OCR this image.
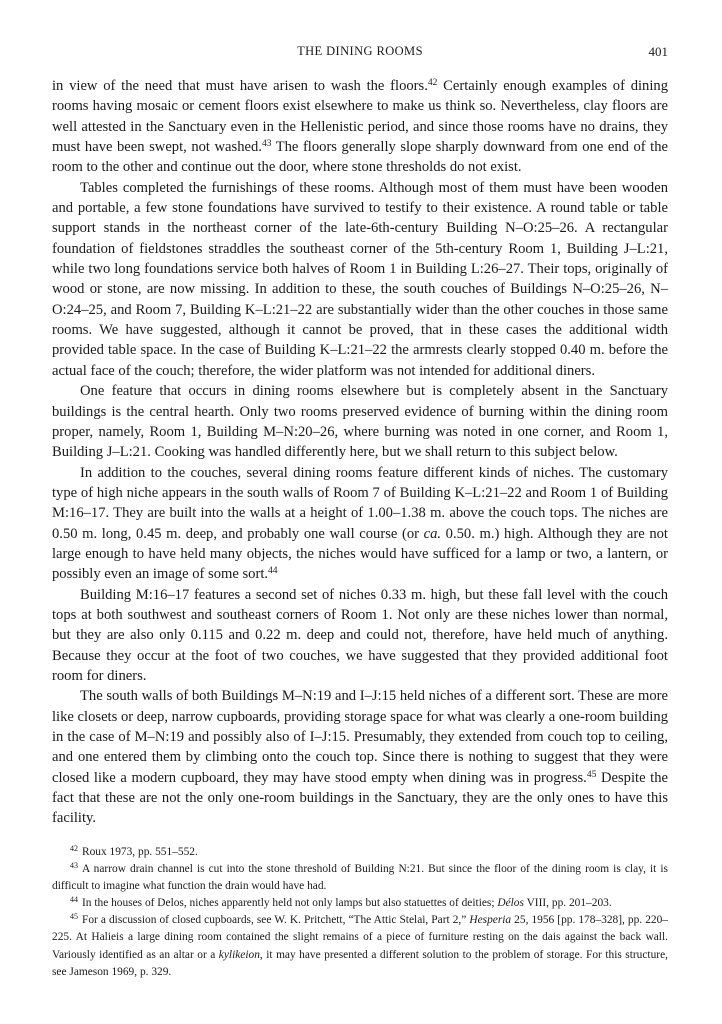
THE DINING ROOMS	401

in view of the need that must have arisen to wash the floors.$^{42}$ Certainly enough examples of dining rooms having mosaic or cement floors exist elsewhere to make us think so. Nevertheless, clay floors are well attested in the Sanctuary even in the Hellenistic period, and since those rooms have no drains, they must have been swept, not washed.$^{43}$ The floors generally slope sharply downward from one end of the room to the other and continue out the door, where stone thresholds do not exist.

Tables completed the furnishings of these rooms. Although most of them must have been wooden and portable, a few stone foundations have survived to testify to their existence. A round table or table support stands in the northeast corner of the late-6th-century Building N–O:25–26. A rectangular foundation of fieldstones straddles the southeast corner of the 5th-century Room 1, Building J–L:21, while two long foundations service both halves of Room 1 in Building L:26–27. Their tops, originally of wood or stone, are now missing. In addition to these, the south couches of Buildings N–O:25–26, N–O:24–25, and Room 7, Building K–L:21–22 are substantially wider than the other couches in those same rooms. We have suggested, although it cannot be proved, that in these cases the additional width provided table space. In the case of Building K–L:21–22 the armrests clearly stopped 0.40 m. before the actual face of the couch; therefore, the wider platform was not intended for additional diners.

One feature that occurs in dining rooms elsewhere but is completely absent in the Sanctuary buildings is the central hearth. Only two rooms preserved evidence of burning within the dining room proper, namely, Room 1, Building M–N:20–26, where burning was noted in one corner, and Room 1, Building J–L:21. Cooking was handled differently here, but we shall return to this subject below.

In addition to the couches, several dining rooms feature different kinds of niches. The customary type of high niche appears in the south walls of Room 7 of Building K–L:21–22 and Room 1 of Building M:16–17. They are built into the walls at a height of 1.00–1.38 m. above the couch tops. The niches are 0.50 m. long, 0.45 m. deep, and probably one wall course (or ca. 0.50. m.) high. Although they are not large enough to have held many objects, the niches would have sufficed for a lamp or two, a lantern, or possibly even an image of some sort.$^{44}$

Building M:16–17 features a second set of niches 0.33 m. high, but these fall level with the couch tops at both southwest and southeast corners of Room 1. Not only are these niches lower than normal, but they are also only 0.115 and 0.22 m. deep and could not, therefore, have held much of anything. Because they occur at the foot of two couches, we have suggested that they provided additional foot room for diners.

The south walls of both Buildings M–N:19 and I–J:15 held niches of a different sort. These are more like closets or deep, narrow cupboards, providing storage space for what was clearly a one-room building in the case of M–N:19 and possibly also of I–J:15. Presumably, they extended from couch top to ceiling, and one entered them by climbing onto the couch top. Since there is nothing to suggest that they were closed like a modern cupboard, they may have stood empty when dining was in progress.$^{45}$ Despite the fact that these are not the only one-room buildings in the Sanctuary, they are the only ones to have this facility.

$^{42}$ Roux 1973, pp. 551–552.

$^{43}$ A narrow drain channel is cut into the stone threshold of Building N:21. But since the floor of the dining room is clay, it is difficult to imagine what function the drain would have had.

$^{44}$ In the houses of Delos, niches apparently held not only lamps but also statuettes of deities; Délos VIII, pp. 201–203.

$^{45}$ For a discussion of closed cupboards, see W. K. Pritchett, “The Attic Stelai, Part 2,” Hesperia 25, 1956 [pp. 178–328], pp. 220–225. At Halieis a large dining room contained the slight remains of a piece of furniture resting on the dais against the back wall. Variously identified as an altar or a kylikeion, it may have presented a different solution to the problem of storage. For this structure, see Jameson 1969, p. 329.
